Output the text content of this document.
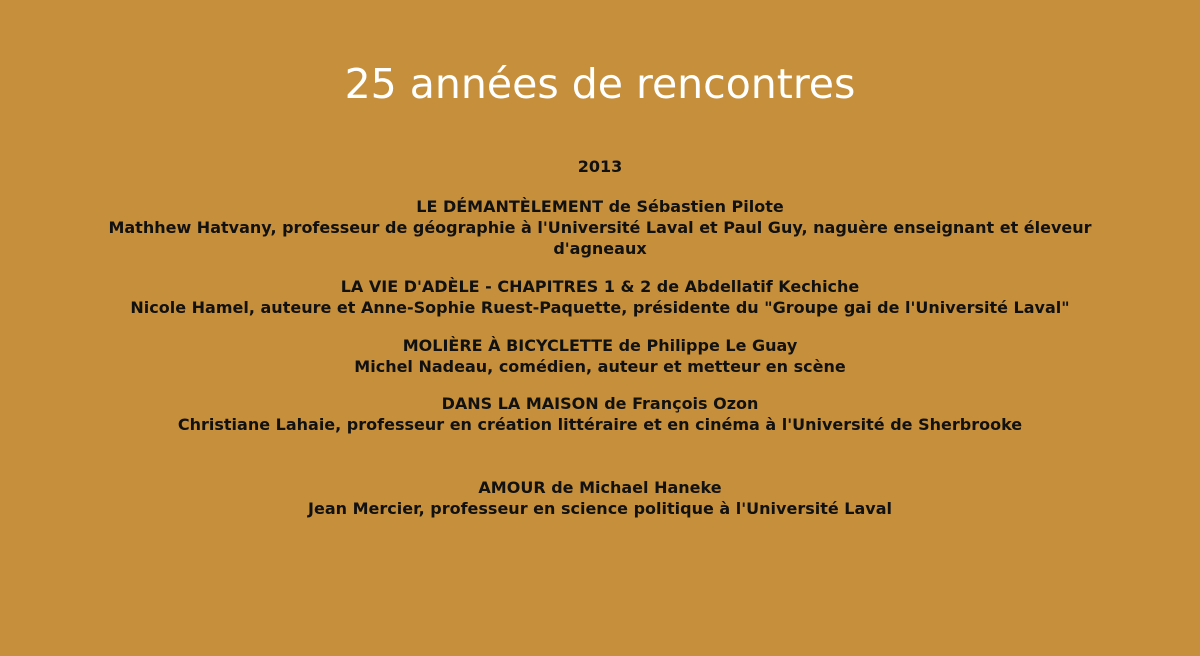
25 années de rencontres
2013
LE DÉMANTÈLEMENT de Sébastien Pilote
Mathhew Hatvany, professeur de géographie à l'Université Laval et Paul Guy, naguère enseignant et éleveur d'agneaux
LA VIE D'ADÈLE - CHAPITRES 1 & 2 de Abdellatif Kechiche
Nicole Hamel, auteure et Anne-Sophie Ruest-Paquette, présidente du "Groupe gai de l'Université Laval"
MOLIÈRE À BICYCLETTE de Philippe Le Guay
Michel Nadeau, comédien, auteur et metteur en scène
DANS LA MAISON de François Ozon
Christiane Lahaie, professeur en création littéraire et en cinéma à l'Université de Sherbrooke
AMOUR de Michael Haneke
Jean Mercier, professeur en science politique à l'Université Laval
